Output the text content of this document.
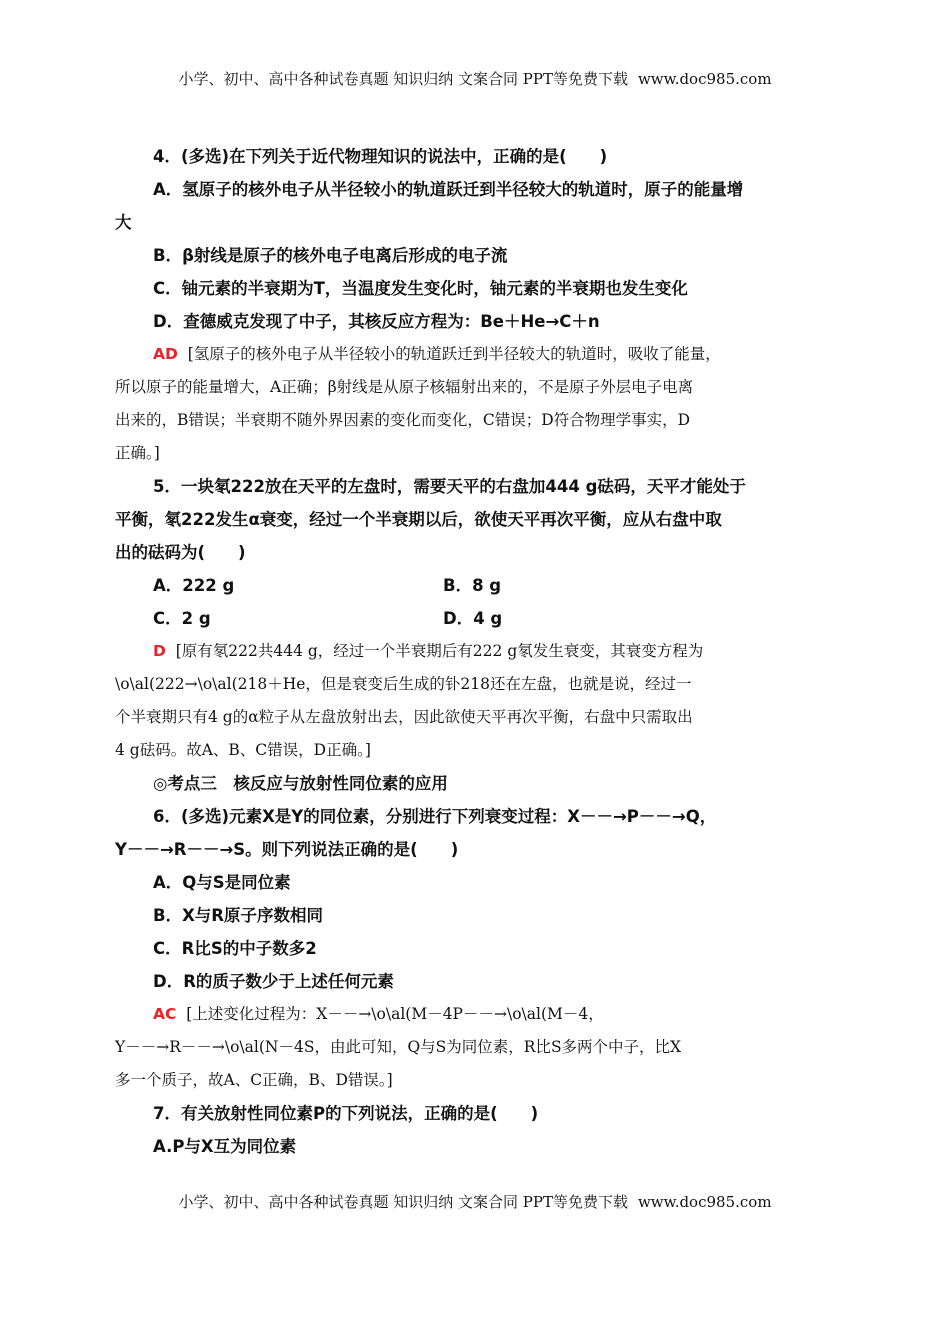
小学、初中、高中各种试卷真题 知识归纳 文案合同 PPT等免费下载 www.doc985.com
4．(多选)在下列关于近代物理知识的说法中，正确的是(　　)
A．氢原子的核外电子从半径较小的轨道跃迁到半径较大的轨道时，原子的能量增
大
B．β射线是原子的核外电子电离后形成的电子流
C．铀元素的半衰期为T，当温度发生变化时，铀元素的半衰期也发生变化
D．查德威克发现了中子，其核反应方程为：Be＋He→C＋n
AD [氢原子的核外电子从半径较小的轨道跃迁到半径较大的轨道时，吸收了能量，
所以原子的能量增大，A正确；β射线是从原子核辐射出来的，不是原子外层电子电离
出来的，B错误；半衰期不随外界因素的变化而变化，C错误；D符合物理学事实，D
正确。]
5．一块氡222放在天平的左盘时，需要天平的右盘加444 g砝码，天平才能处于
平衡，氡222发生α衰变，经过一个半衰期以后，欲使天平再次平衡，应从右盘中取
出的砝码为(　　)
A．222 g	B．8 g
C．2 g	D．4 g
D [原有氡222共444 g，经过一个半衰期后有222 g氡发生衰变，其衰变方程为
\o\al(222→\o\al(218＋He，但是衰变后生成的钋218还在左盘，也就是说，经过一
个半衰期只有4 g的α粒子从左盘放射出去，因此欲使天平再次平衡，右盘中只需取出
4 g砝码。故A、B、C错误，D正确。]
◎考点三　核反应与放射性同位素的应用
6．(多选)元素X是Y的同位素，分别进行下列衰变过程：X－－→P－－→Q，
Y－－→R－－→S。则下列说法正确的是(　　)
A．Q与S是同位素
B．X与R原子序数相同
C．R比S的中子数多2
D．R的质子数少于上述任何元素
AC [上述变化过程为：X－－→\o\al(M－4P－－→\o\al(M－4，
Y－－→R－－→\o\al(N－4S，由此可知，Q与S为同位素，R比S多两个中子，比X
多一个质子，故A、C正确，B、D错误。]
7．有关放射性同位素P的下列说法，正确的是(　　)
A.P与X互为同位素
小学、初中、高中各种试卷真题 知识归纳 文案合同 PPT等免费下载 www.doc985.com
